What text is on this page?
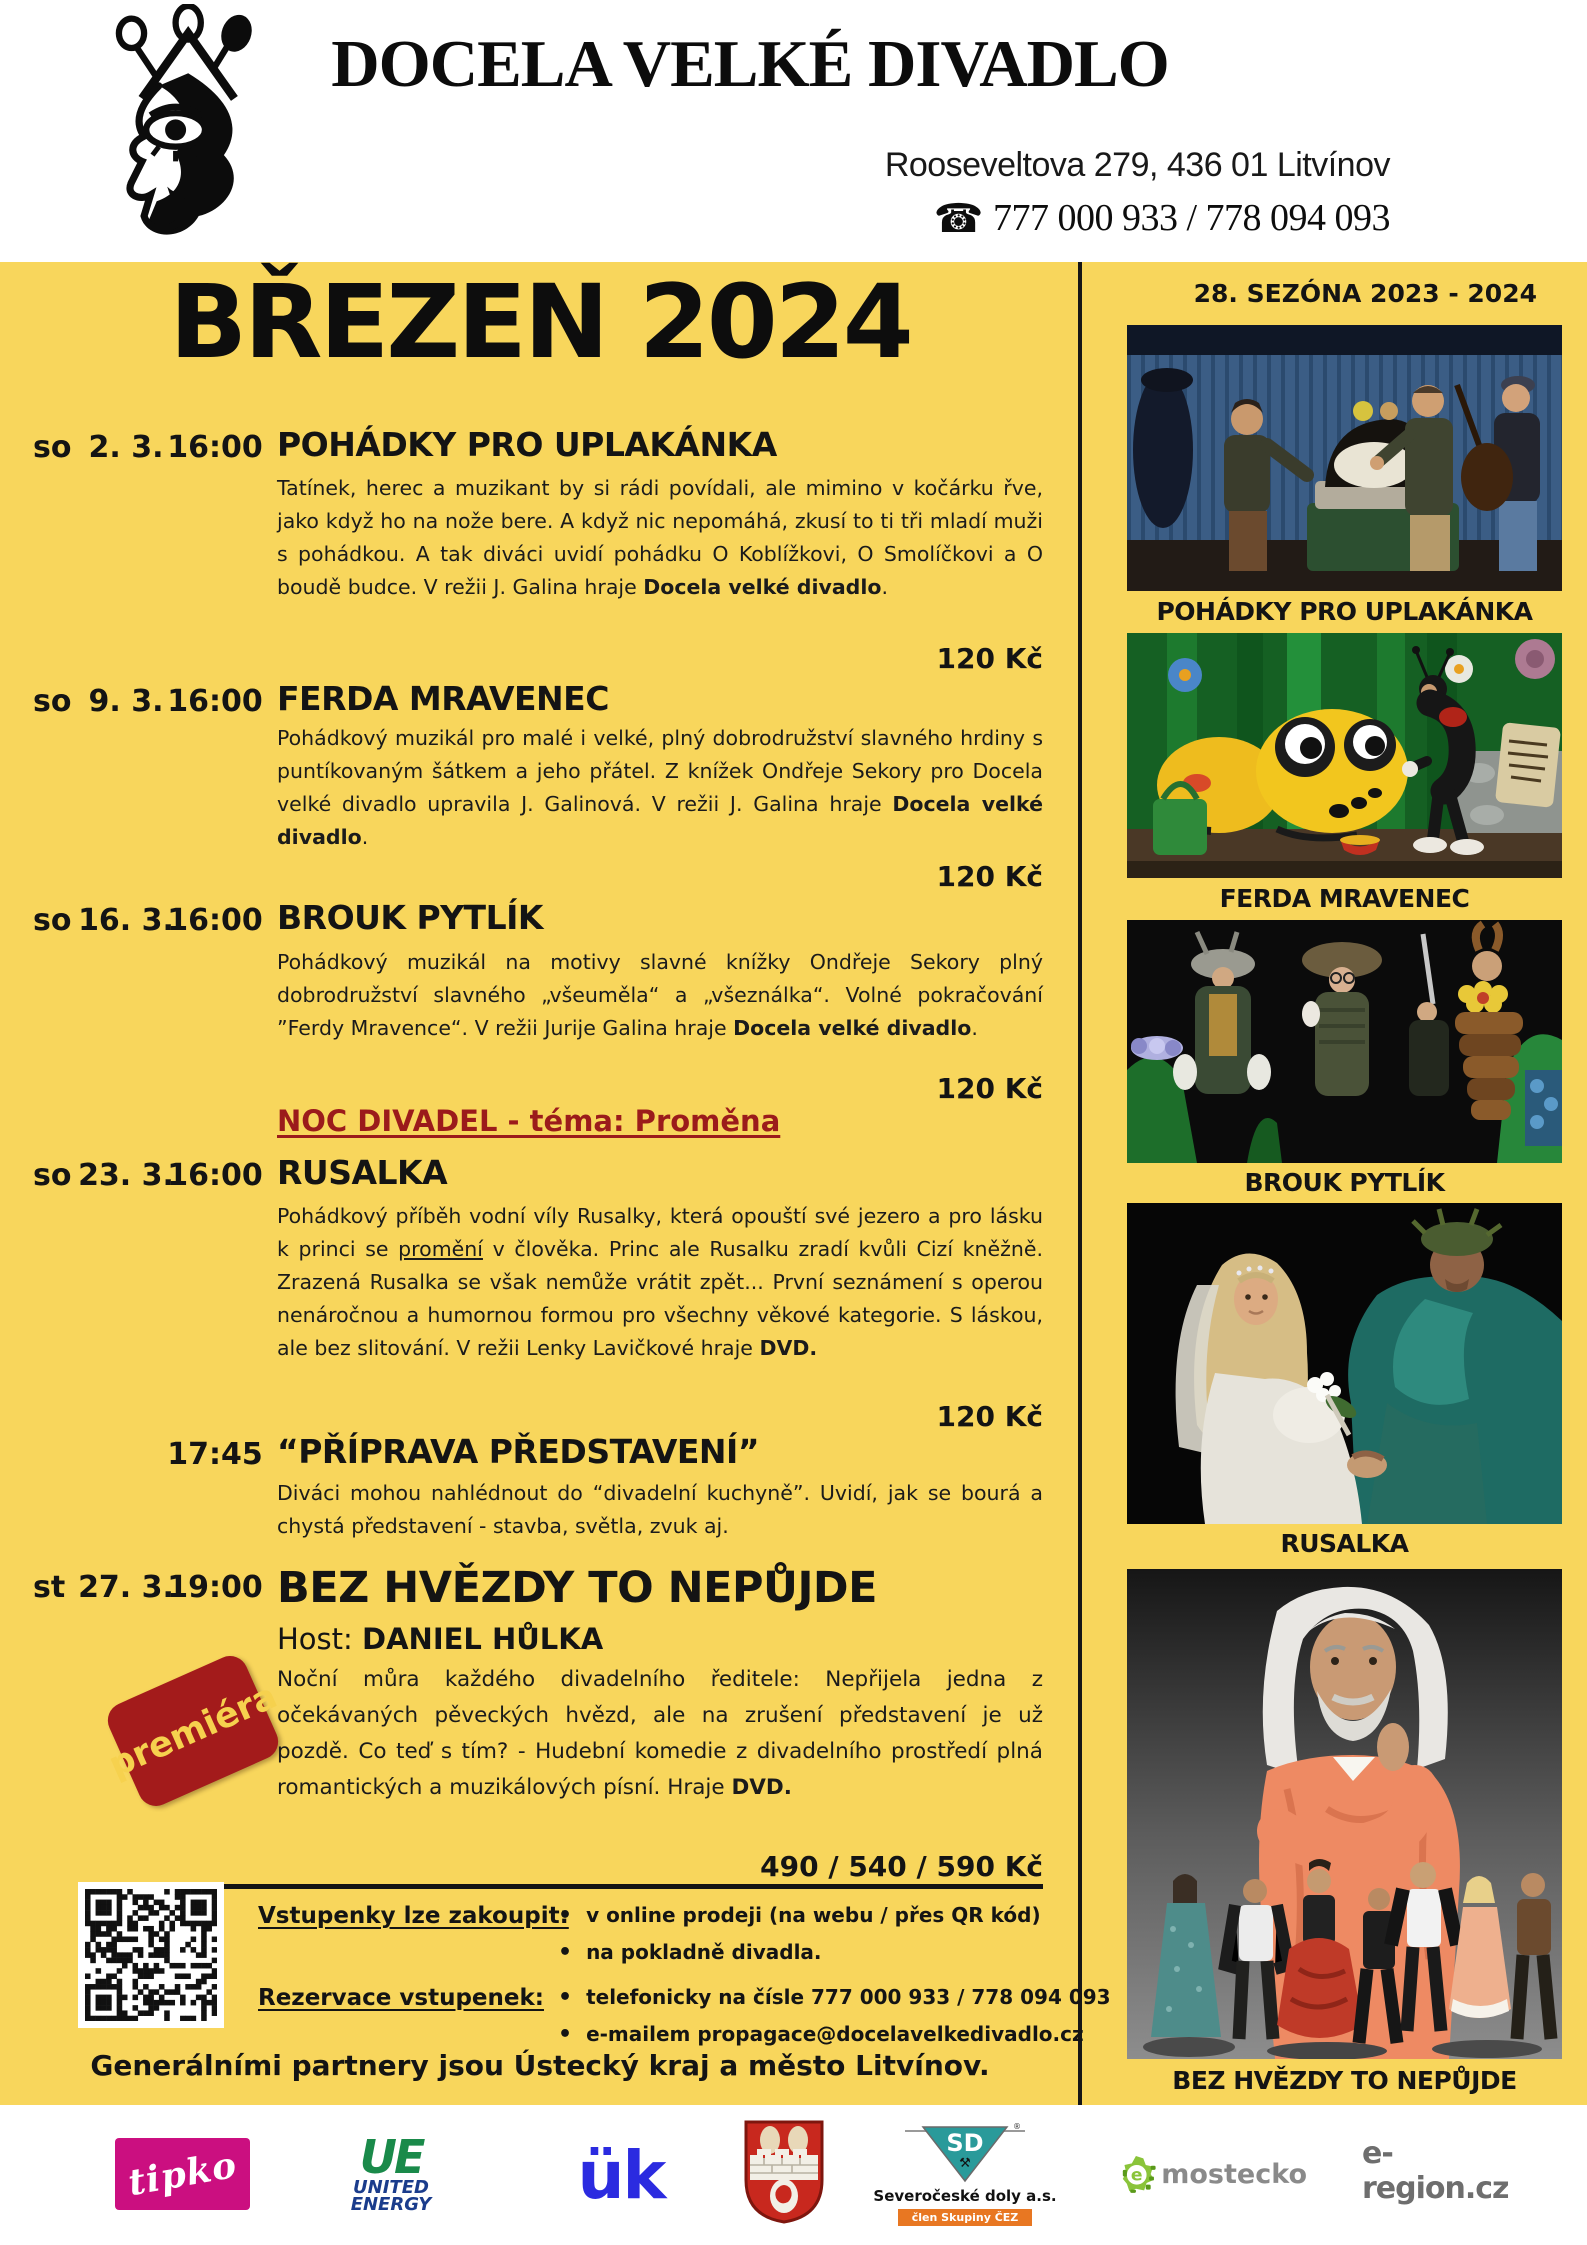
DOCELA VELKÉ DIVADLO
Rooseveltova 279, 436 01 Litvínov
☎ 777 000 933 / 778 094 093
BŘEZEN 2024	28. SEZÓNA 2023 - 2024
so 2. 3. 16:00 POHÁDKY PRO UPLAKÁNKA

Tatínek, herec a muzikant by si rádi povídali, ale mimino v kočárku řve, jako když ho na nože bere. A když nic nepomáhá, zkusí to ti tři mladí muži s pohádkou. A tak diváci uvidí pohádku O Koblížkovi, O Smolíčkovi a O boudě budce. V režii J. Galina hraje Docela velké divadlo.

120 Kč
so 9. 3. 16:00 FERDA MRAVENEC

Pohádkový muzikál pro malé i velké, plný dobrodružství slavného hrdiny s puntíkovaným šátkem a jeho přátel. Z knížek Ondřeje Sekory pro Docela velké divadlo upravila J. Galinová. V režii J. Galina hraje Docela velké divadlo.

120 Kč
so 16. 3.
16:00 BROUK PYTLÍK

Pohádkový muzikál na motivy slavné knížky Ondřeje Sekory plný dobrodružství slavného „všeuměla“ a „všeználka“. Volné pokračování ”Ferdy Mravence“. V režii Jurije Galina hraje Docela velké divadlo.

120 Kč
NOC DIVADEL - téma: Proměna
so 23. 3.
16:00 RUSALKA

Pohádkový příběh vodní víly Rusalky, která opouští své jezero a pro lásku k princi se promění v člověka. Princ ale Rusalku zradí kvůli Cizí kněžně. Zrazená Rusalka se však nemůže vrátit zpět... První seznámení s operou nenáročnou a humornou formou pro všechny věkové kategorie. S láskou, ale bez slitování. V režii Lenky Lavičkové hraje DVD.

120 Kč
17:45 “PŘÍPRAVA PŘEDSTAVENÍ”

Diváci mohou nahlédnout do “divadelní kuchyně”. Uvidí, jak se bourá a chystá představení - stavba, světla, zvuk aj.

st 27. 3.
19:00 BEZ HVĚZDY TO NEPŮJDE
Host: DANIEL HŮLKA
premiéra

Noční můra každého divadelního ředitele: Nepřijela jedna z očekávaných pěveckých hvězd, ale na zrušení představení je už pozdě. Co teď s tím? - Hudební komedie z divadelního prostředí plná romantických a muzikálových písní. Hraje DVD.

490 / 540 / 590 Kč
Vstupenky lze zakoupit: • v online prodeji (na webu / přes QR kód)
• na pokladně divadla.
Rezervace vstupenek:	• telefonicky na čísle 777 000 933 / 778 094 093
• e-mailem propagace@docelavelkedivadlo.cz
Generálními partnery jsou Ústecký kraj a město Litvínov.
POHÁDKY PRO UPLAKÁNKA
FERDA MRAVENEC
BROUK PYTLÍK
RUSALKA
BEZ HVĚZDY TO NEPŮJDE
tipko	UE
UNITED
ENERGY ük	SD
⚒
®
Severočeské doly a.s.
člen Skupiny ČEZ
e mostecko
e-region.cz
